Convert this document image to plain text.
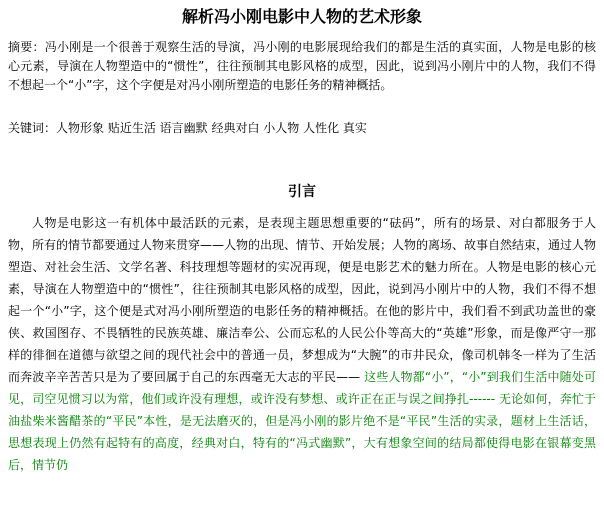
解析冯小刚电影中人物的艺术形象

摘要：冯小刚是一个很善于观察生活的导演，冯小刚的电影展现给我们的都是生活的真实面，人物是电影的核心元素，导演在人物塑造中的“惯性”，往往预制其电影风格的成型，因此，说到冯小刚片中的人物，我们不得不想起一个“小”字，这个字便是对冯小刚所塑造的电影任务的精神概括。

关键词：人物形象 贴近生活 语言幽默 经典对白 小人物 人性化 真实

引言

人物是电影这一有机体中最活跃的元素，是表现主题思想重要的“砝码”，所有的场景、对白都服务于人物，所有的情节都要通过人物来贯穿——人物的出现、情节、开始发展；人物的离场、故事自然结束，通过人物塑造、对社会生活、文学名著、科技理想等题材的实况再现，便是电影艺术的魅力所在。人物是电影的核心元素，导演在人物塑造中的“惯性”，往往预制其电影风格的成型，因此，说到冯小刚片中的人物，我们不得不想起一个“小”字，这个便是式对冯小刚所塑造的电影任务的精神概括。在他的影片中，我们看不到武功盖世的豪侠、救国图存、不畏牺牲的民族英雄、廉洁奉公、公而忘私的人民公仆等高大的“英雄”形象，而是像严守一那样的徘徊在道德与欲望之间的现代社会中的普通一员，梦想成为“大腕”的市井民众，像司机韩冬一样为了生活而奔波辛辛苦苦只是为了要回属于自己的东西毫无大志的平民—— 这些人物都“小”，“小”到我们生活中随处可见，司空见惯习以为常，他们或许没有理想，或许没有梦想、或许正在正与误之间挣扎------ 无论如何，奔忙于油盐柴米酱醋茶的“平民”本性，是无法磨灭的，但是冯小刚的影片绝不是“平民”生活的实录，题材上生活话，思想表现上仍然有起特有的高度，经典对白，特有的“冯式幽默”，大有想象空间的结局都使得电影在银幕变黑后，情节仍
